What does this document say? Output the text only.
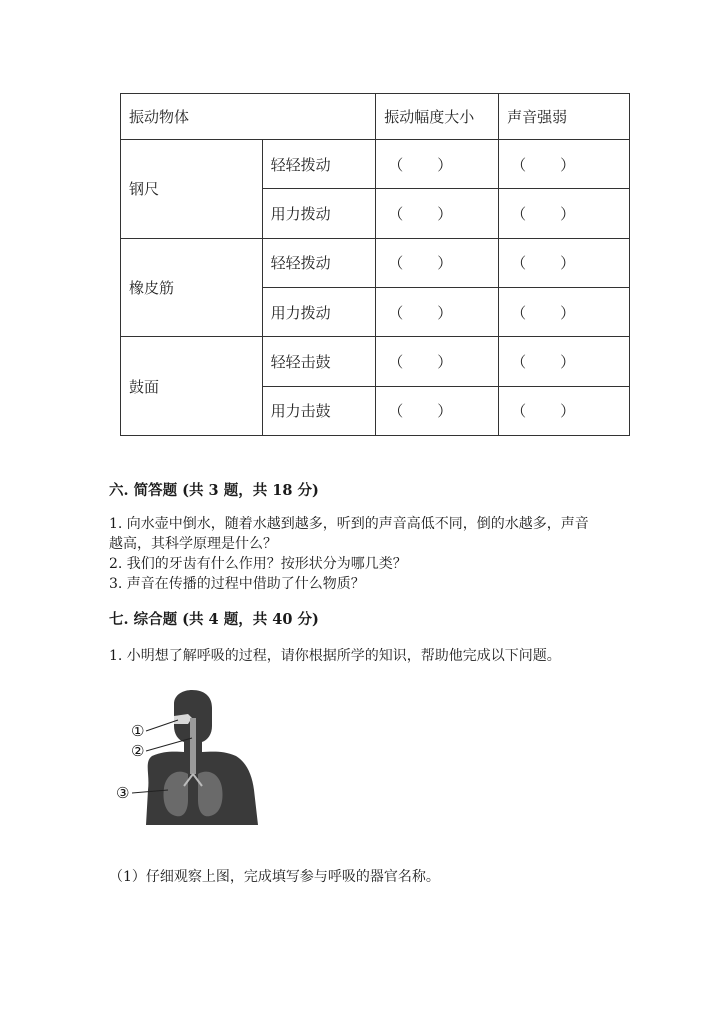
振动物体		振动幅度大小	声音强弱
钢尺	轻轻拨动	（ ）	（ ）

	用力拨动	（ ）	（ ）

橡皮筋	轻轻拨动	（ ）	（ ）

	用力拨动	（ ）	（ ）

鼓面	轻轻击鼓	（ ）	（ ）

	用力击鼓	（ ）	（ ）
六. 简答题 (共 3 题，共 18 分)
1. 向水壶中倒水，随着水越到越多，听到的声音高低不同，倒的水越多，声音
越高，其科学原理是什么？
2. 我们的牙齿有什么作用？按形状分为哪几类？
3. 声音在传播的过程中借助了什么物质？
七. 综合题 (共 4 题，共 40 分)
1. 小明想了解呼吸的过程，请你根据所学的知识，帮助他完成以下问题。
①
②
③
（1）仔细观察上图，完成填写参与呼吸的器官名称。
